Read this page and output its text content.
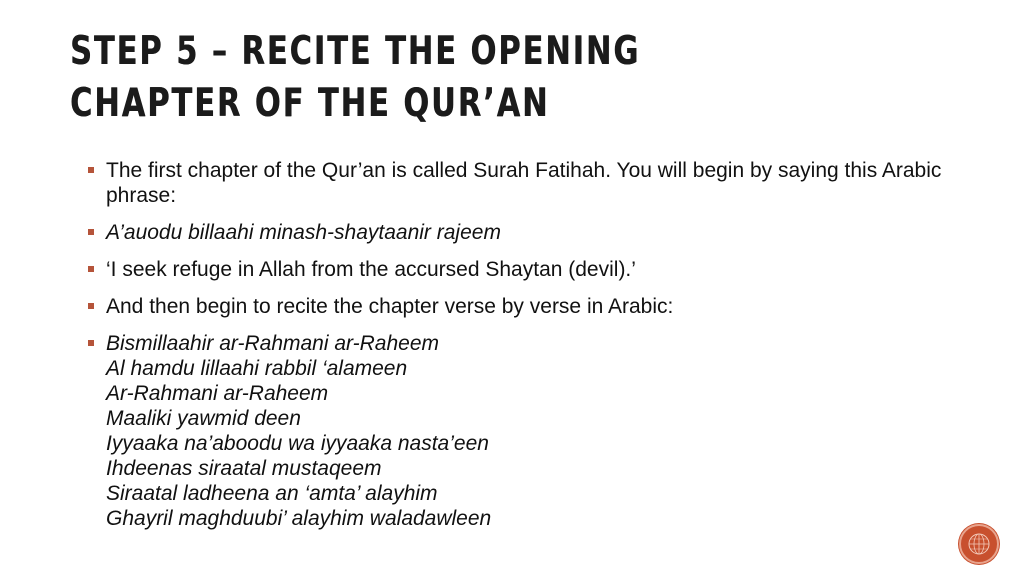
STEP 5 – RECITE THE OPENING CHAPTER OF THE QUR’AN
The first chapter of the Qur’an is called Surah Fatihah. You will begin by saying this Arabic phrase:
A’auodu billaahi minash-shaytaanir rajeem
‘I seek refuge in Allah from the accursed Shaytan (devil).’
And then begin to recite the chapter verse by verse in Arabic:
Bismillaahir ar-Rahmani ar-Raheem
Al hamdu lillaahi rabbil ‘alameen
Ar-Rahmani ar-Raheem
Maaliki yawmid deen
Iyyaaka na’aboodu wa iyyaaka nasta’een
Ihdeenas siraatal mustaqeem
Siraatal ladheena an ‘amta’ alayhim
Ghayril maghduubi’ alayhim waladawleen
